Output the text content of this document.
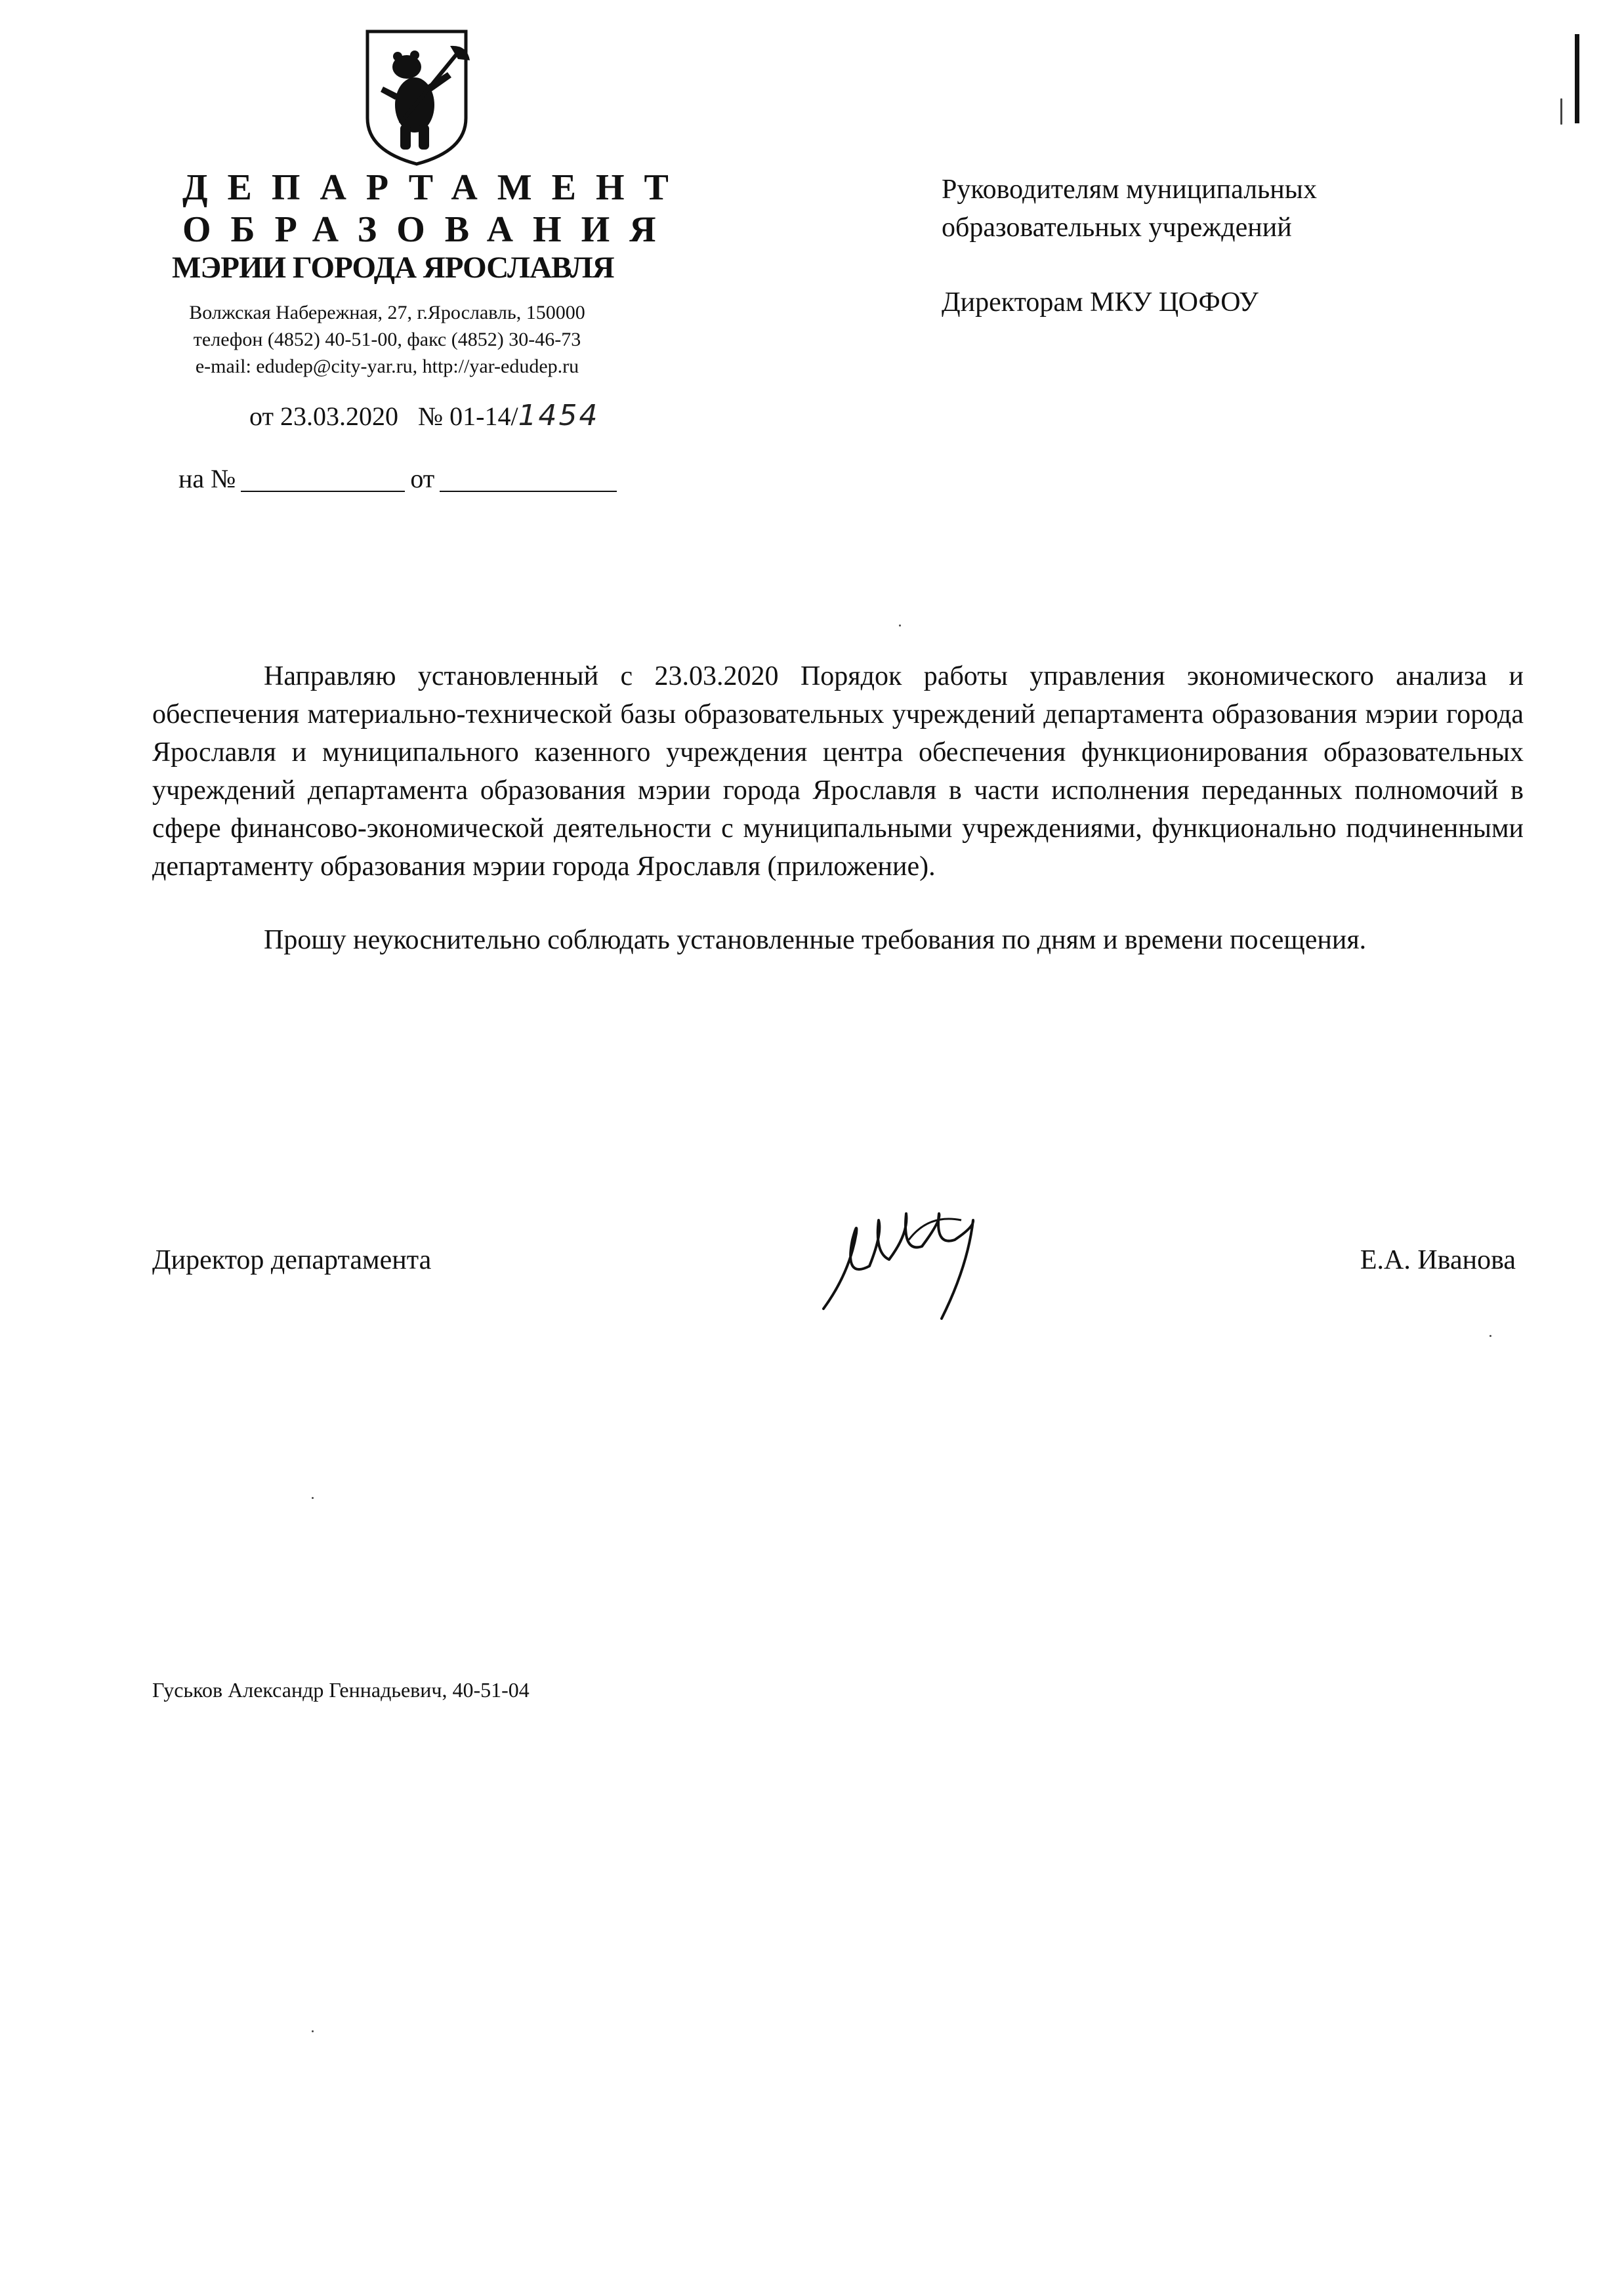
ДЕПАРТАМЕНТ
ОБРАЗОВАНИЯ
МЭРИИ ГОРОДА ЯРОСЛАВЛЯ
Волжская Набережная, 27, г.Ярославль, 150000
телефон (4852) 40-51-00, факс (4852) 30-46-73
e-mail: edudep@city-yar.ru, http://yar-edudep.ru
от 23.03.2020 № 01-14/1454
на №	от
Руководителям муниципальных
образовательных учреждений
Директорам МКУ ЦОФОУ

Направляю установленный с 23.03.2020 Порядок работы управления экономического анализа и обеспечения материально-технической базы образовательных учреждений департамента образования мэрии города Ярославля и муниципального казенного учреждения центра обеспечения функционирования образовательных учреждений департамента образования мэрии города Ярославля в части исполнения переданных полномочий в сфере финансово-экономической деятельности с муниципальными учреждениями, функционально подчиненными департаменту образования мэрии города Ярославля (приложение).

Прошу неукоснительно соблюдать установленные требования по дням и времени посещения.

Директор департамента	Е.А. Иванова
Гуськов Александр Геннадьевич, 40-51-04
